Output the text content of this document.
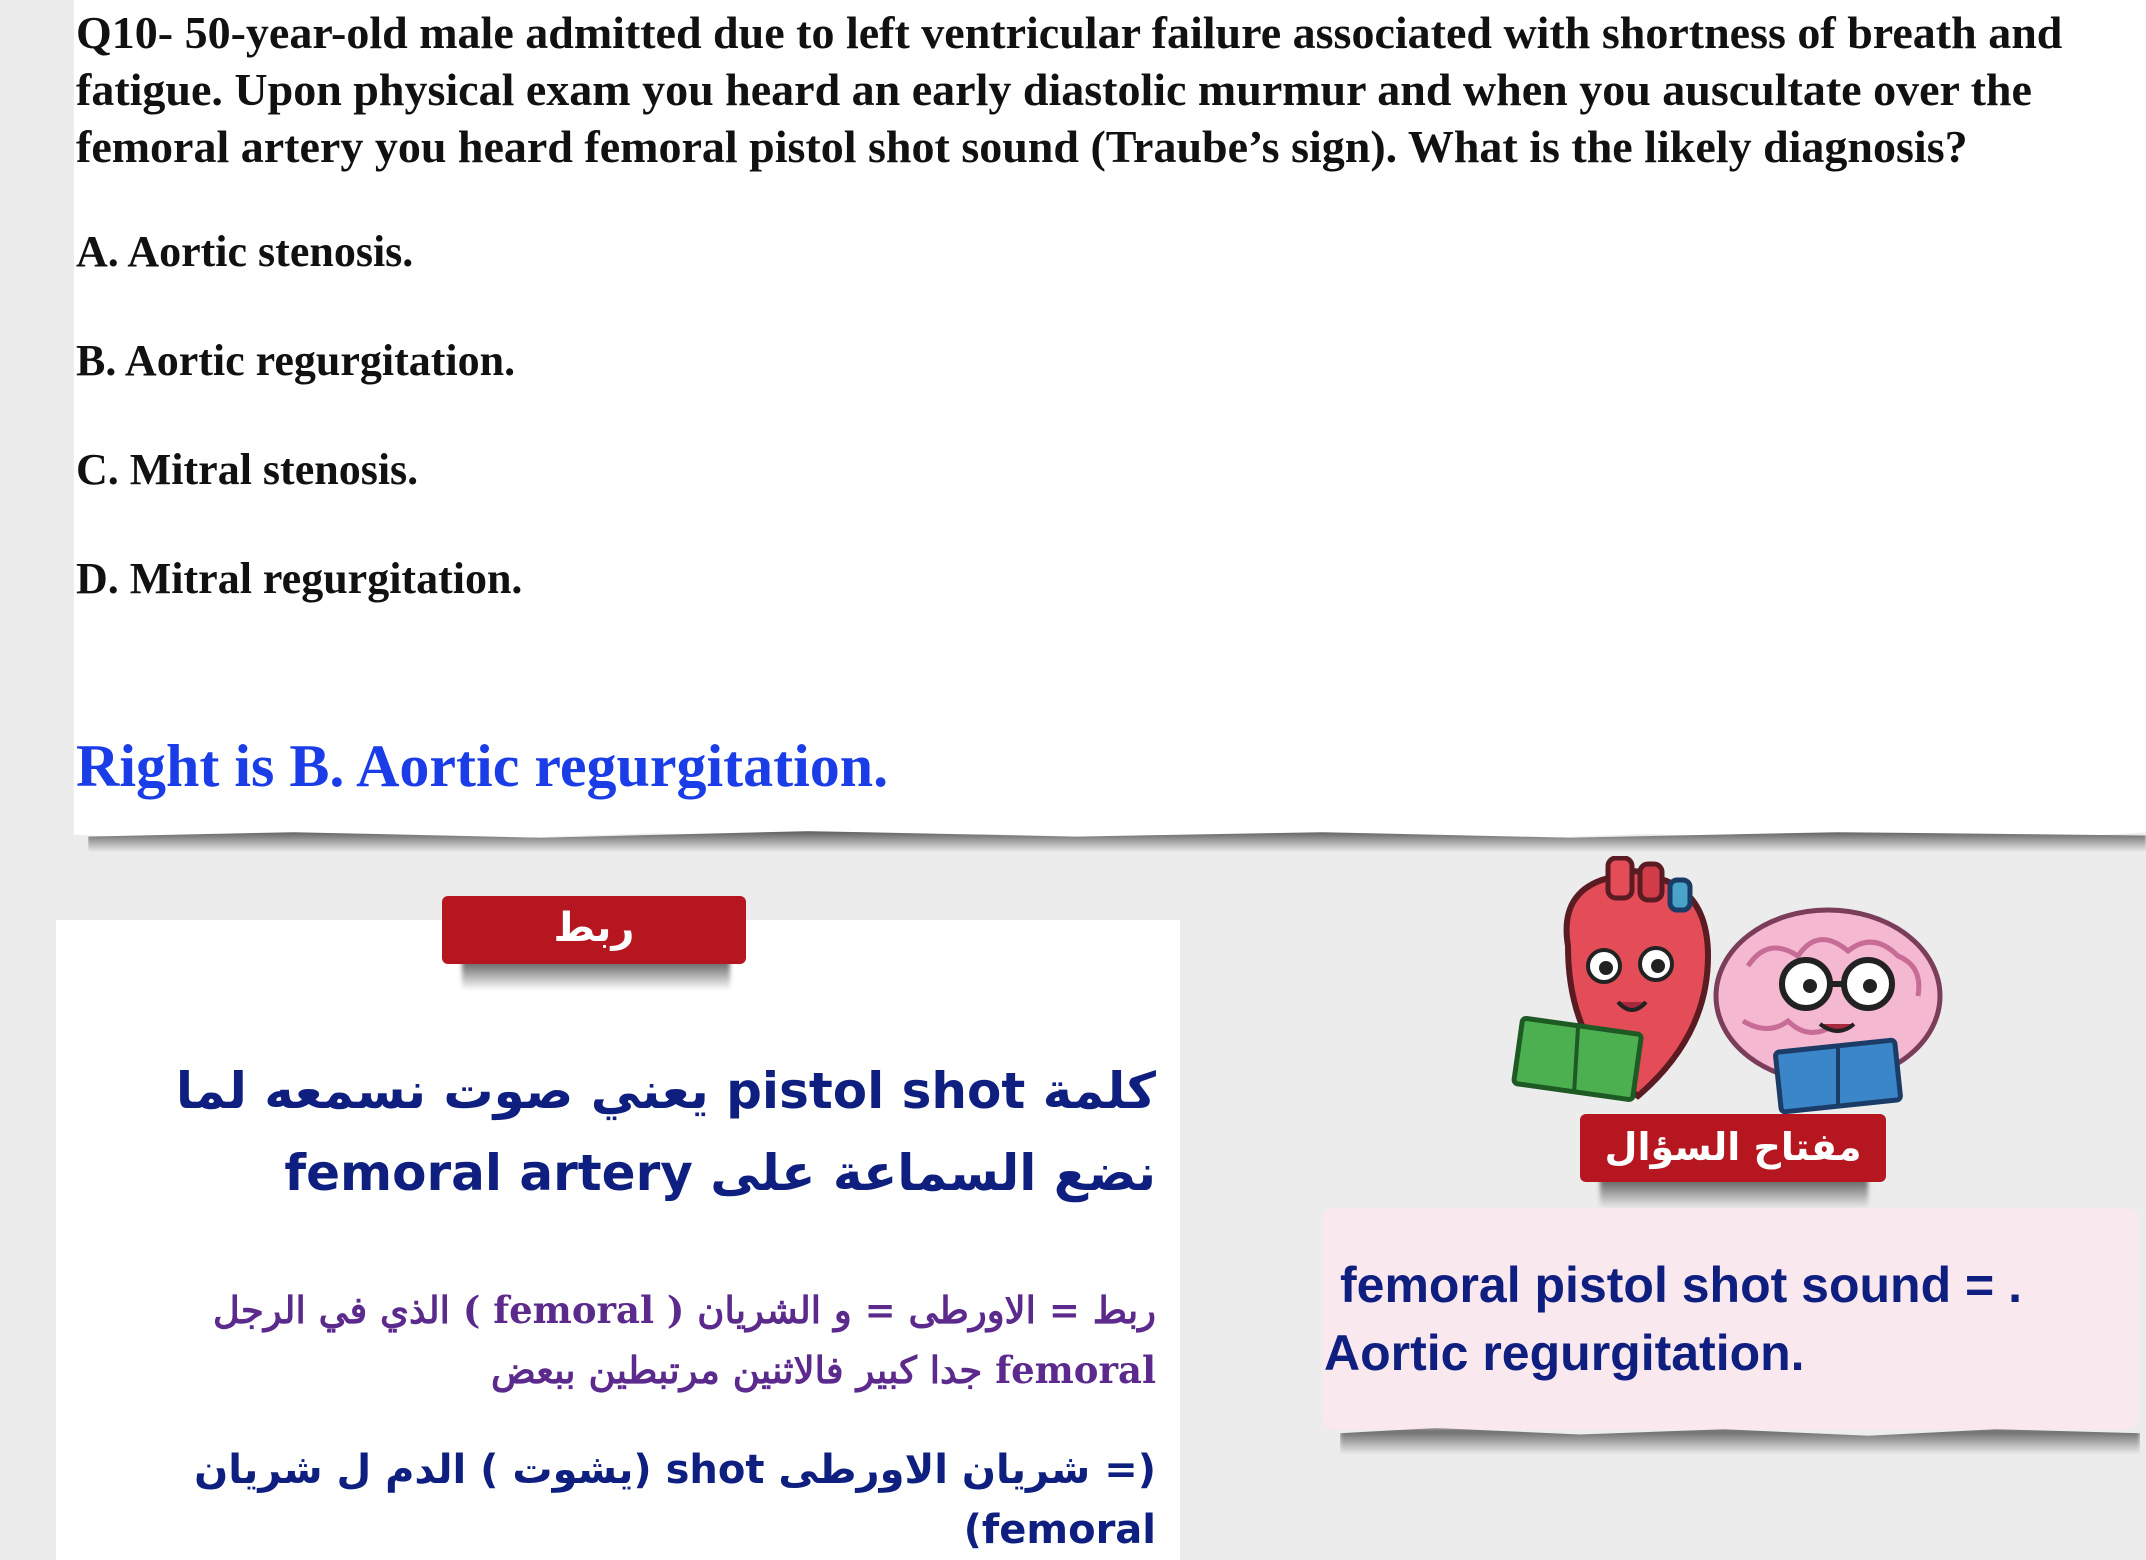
Q10- 50-year-old male admitted due to left ventricular failure associated with shortness of breath and fatigue. Upon physical exam you heard an early diastolic murmur and when you auscultate over the femoral artery you heard femoral pistol shot sound (Traube’s sign). What is the likely diagnosis?

A. Aortic stenosis.
B. Aortic regurgitation.
C. Mitral stenosis.
D. Mitral regurgitation.
Right is B. Aortic regurgitation.
كلمة pistol shot يعني صوت نسمعه لما نضع السماعة على femoral artery
ربط = الاورطى = و الشريان ( femoral ) الذي في الرجل femoral جدا كبير فالاثنين مرتبطين ببعض
(= شريان الاورطى shot (يشوت ) الدم ل شريان femoral)
ربط
مفتاح السؤال
femoral pistol shot sound = .
Aortic regurgitation.
